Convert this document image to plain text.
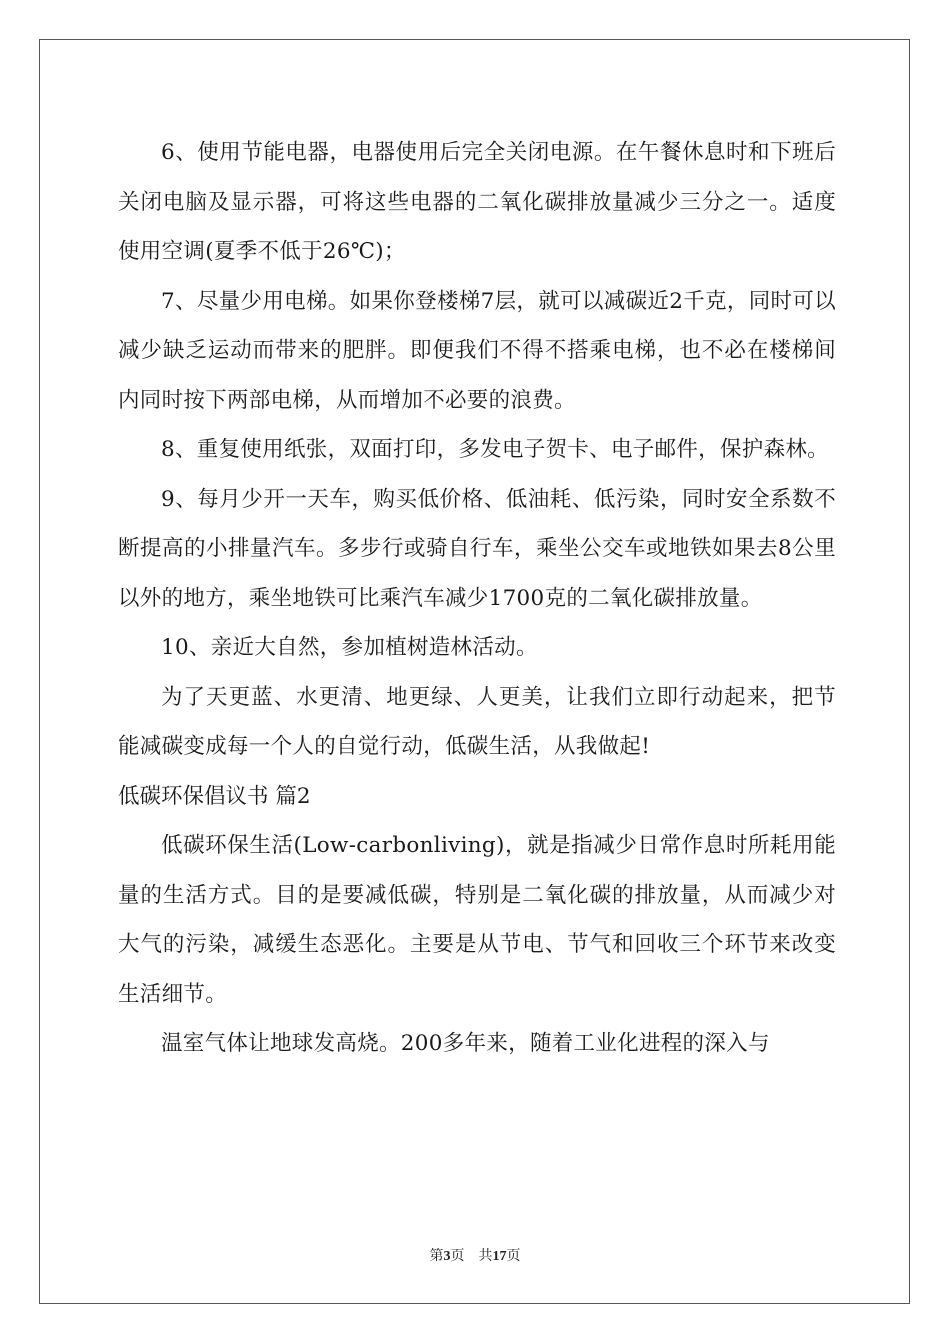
6、使用节能电器，电器使用后完全关闭电源。在午餐休息时和下班后关闭电脑及显示器，可将这些电器的二氧化碳排放量减少三分之一。适度使用空调(夏季不低于26℃)；

7、尽量少用电梯。如果你登楼梯7层，就可以减碳近2千克，同时可以减少缺乏运动而带来的肥胖。即便我们不得不搭乘电梯，也不必在楼梯间内同时按下两部电梯，从而增加不必要的浪费。

8、重复使用纸张，双面打印，多发电子贺卡、电子邮件，保护森林。

9、每月少开一天车，购买低价格、低油耗、低污染，同时安全系数不断提高的小排量汽车。多步行或骑自行车，乘坐公交车或地铁如果去8公里以外的地方，乘坐地铁可比乘汽车减少1700克的二氧化碳排放量。

10、亲近大自然，参加植树造林活动。

为了天更蓝、水更清、地更绿、人更美，让我们立即行动起来，把节能减碳变成每一个人的自觉行动，低碳生活，从我做起!

低碳环保倡议书 篇2

低碳环保生活(Low-carbonliving)，就是指减少日常作息时所耗用能量的生活方式。目的是要减低碳，特别是二氧化碳的排放量，从而减少对大气的污染，减缓生态恶化。主要是从节电、节气和回收三个环节来改变生活细节。

温室气体让地球发高烧。200多年来，随着工业化进程的深入与

第3页 共17页
